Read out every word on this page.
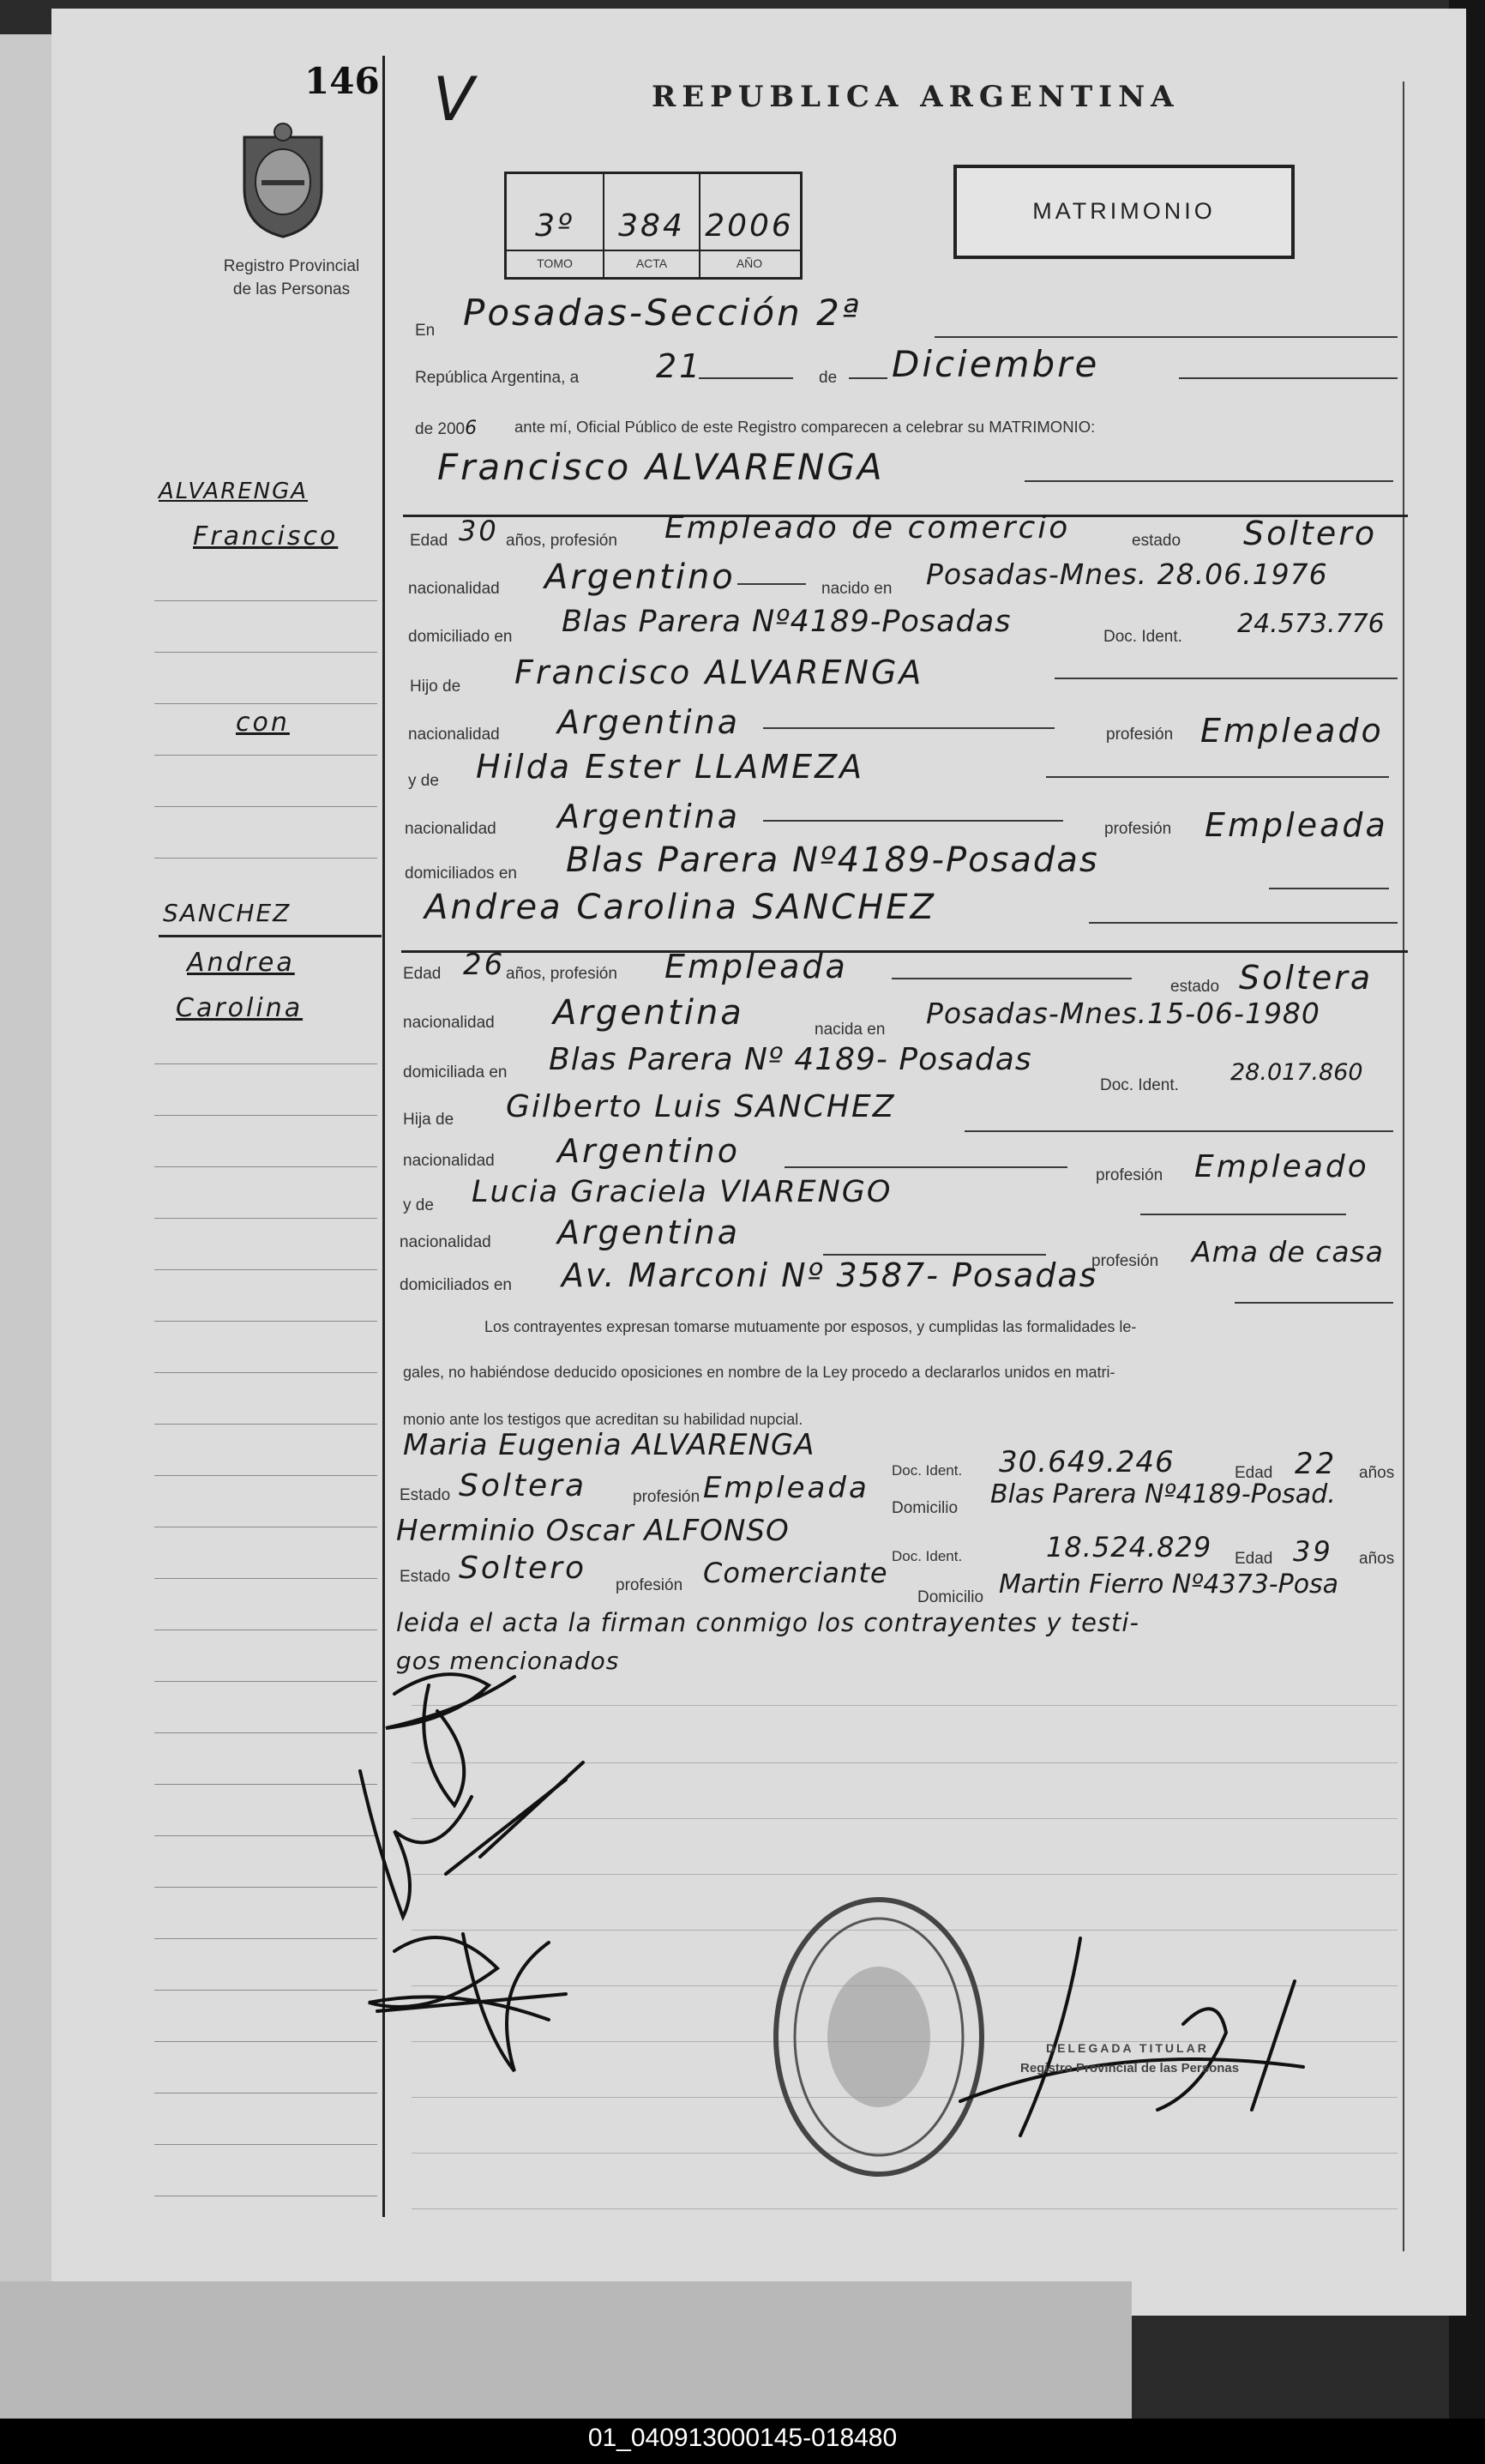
146 V
Registro Provincial
de las Personas
REPUBLICA ARGENTINA
MATRIMONIO
3º
TOMO
384
ACTA
2006
AÑO
En Posadas-Sección 2ª
República Argentina, a 21	de Diciembre
de 2006 ante mí, Oficial Público de este Registro comparecen a celebrar su MATRIMONIO:
Francisco ALVARENGA
Edad 30 años, profesión Empleado de comercio	estado Soltero
nacionalidad Argentino	nacido en Posadas-Mnes. 28.06.1976
domiciliado en Blas Parera Nº4189-Posadas	Doc. Ident. 24.573.776
Hijo de Francisco ALVARENGA
nacionalidad Argentina	profesión Empleado
y de Hilda Ester LLAMEZA
nacionalidad Argentina	profesión Empleada
domiciliados en Blas Parera Nº4189-Posadas
Andrea Carolina SANCHEZ
Edad 26 años, profesión Empleada
estado Soltera
nacionalidad Argentina	nacida en Posadas-Mnes.15-06-1980
domiciliada en Blas Parera Nº 4189- Posadas
Doc. Ident. 28.017.860
Hija de Gilberto Luis SANCHEZ
nacionalidad Argentino
profesión Empleado
y de Lucia Graciela VIARENGO
nacionalidad Argentina
profesión Ama de casa
domiciliados en Av. Marconi Nº 3587- Posadas
Los contrayentes expresan tomarse mutuamente por esposos, y cumplidas las formalidades le-
gales, no habiéndose deducido oposiciones en nombre de la Ley procedo a declararlos unidos en matri-
monio ante los testigos que acreditan su habilidad nupcial.
Maria Eugenia ALVARENGA
Doc. Ident. 30.649.246	Edad 22 años
Estado Soltera	profesión Empleada
Domicilio Blas Parera Nº4189-Posad.
Herminio Oscar ALFONSO
Doc. Ident.	18.524.829 Edad 39 años
Estado Soltero profesión Comerciante
Domicilio Martin Fierro Nº4373-Posa
leida el acta la firman conmigo los contrayentes y testi-
gos mencionados
ALVARENGA
Francisco
con
SANCHEZ
Andrea
Carolina
DELEGADA TITULAR
Registro Provincial de las Personas
01_040913000145-018480
